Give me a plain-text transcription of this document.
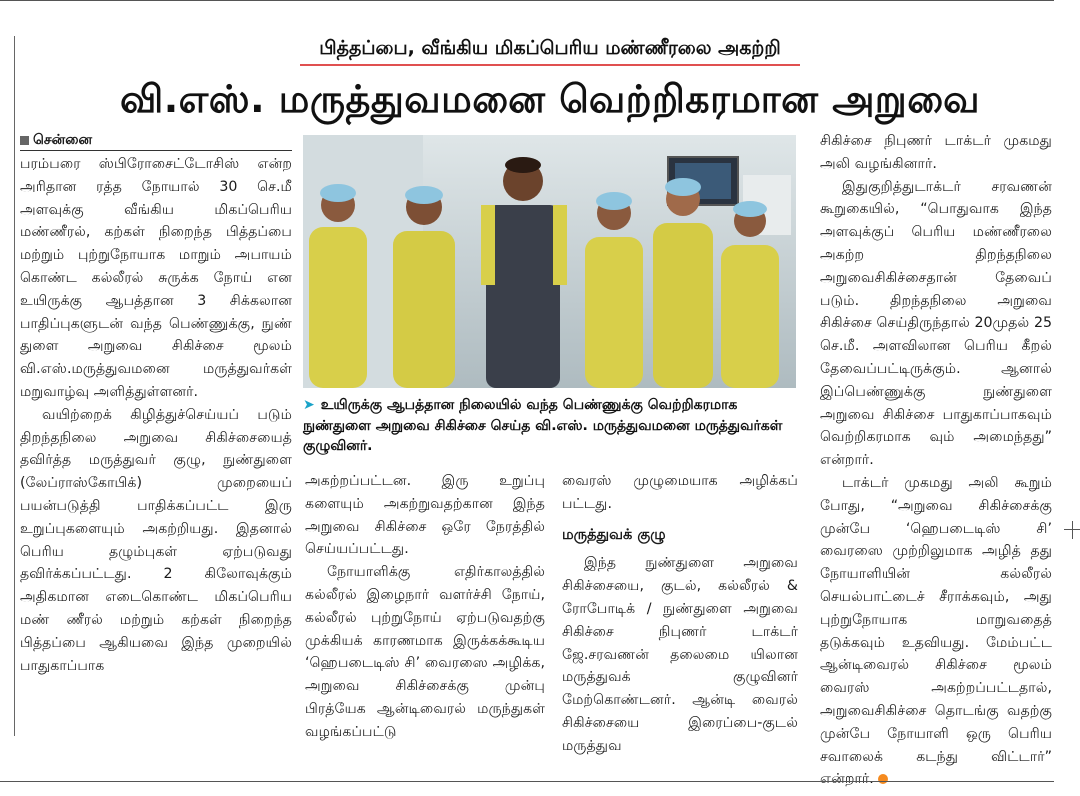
பித்தப்பை, வீங்கிய மிகப்பெரிய மண்ணீரலை அகற்றி
வி.எஸ். மருத்துவமனை வெற்றிகரமான அறுவை
சென்னை

பரம்பரை ஸ்பிரோசைட்டோசிஸ் என்ற அரிதான ரத்த நோயால் 30 செ.மீ அளவுக்கு வீங்கிய மிகப்பெரிய மண்ணீரல், கற்கள் நிறைந்த பித்தப்பை மற்றும் புற்றுநோயாக மாறும் அபாயம் கொண்ட கல்லீரல் சுருக்க நோய் என உயிருக்கு ஆபத்தான 3 சிக்கலான பாதிப்புகளுடன் வந்த பெண்ணுக்கு, நுண் துளை அறுவை சிகிச்சை மூலம் வி.எஸ்.மருத்துவமனை மருத்துவர்கள் மறுவாழ்வு அளித்துள்ளனர்.

வயிற்றைக் கிழித்துச்செய்யப் படும் திறந்தநிலை அறுவை சிகிச்சையைத் தவிர்த்த மருத்துவர் குழு, நுண்துளை (லேப்ராஸ்கோபிக்) முறையைப் பயன்படுத்தி பாதிக்கப்பட்ட இரு உறுப்புகளையும் அகற்றியது. இதனால் பெரிய தழும்புகள் ஏற்படுவது தவிர்க்கப்பட்டது. 2 கிலோவுக்கும் அதிகமான எடைகொண்ட மிகப்பெரிய மண் ணீரல் மற்றும் கற்கள் நிறைந்த பித்தப்பை ஆகியவை இந்த முறையில் பாதுகாப்பாக

➤ உயிருக்கு ஆபத்தான நிலையில் வந்த பெண்ணுக்கு வெற்றிகரமாக நுண்துளை அறுவை சிகிச்சை செய்த வி.எஸ். மருத்துவமனை மருத்துவர்கள் குழுவினர்.

அகற்றப்பட்டன. இரு உறுப்பு களையும் அகற்றுவதற்கான இந்த அறுவை சிகிச்சை ஒரே நேரத்தில் செய்யப்பட்டது.

நோயாளிக்கு எதிர்காலத்தில் கல்லீரல் இழைநார் வளர்ச்சி நோய், கல்லீரல் புற்றுநோய் ஏற்படுவதற்கு முக்கியக் காரணமாக இருக்கக்கூடிய ‘ஹெபடைடிஸ் சி’ வைரஸை அழிக்க, அறுவை சிகிச்சைக்கு முன்பு பிரத்யேக ஆன்டிவைரல் மருந்துகள் வழங்கப்பட்டு

வைரஸ் முழுமையாக அழிக்கப் பட்டது.

மருத்துவக் குழு

இந்த நுண்துளை அறுவை சிகிச்சையை, குடல், கல்லீரல் & ரோபோடிக் / நுண்துளை அறுவை சிகிச்சை நிபுணர் டாக்டர் ஜே.சரவணன் தலைமை யிலான மருத்துவக் குழுவினர் மேற்கொண்டனர். ஆன்டி வைரல் சிகிச்சையை இரைப்பை-குடல் மருத்துவ

சிகிச்சை நிபுணர் டாக்டர் முகமது அலி வழங்கினார்.

இதுகுறித்துடாக்டர் சரவணன் கூறுகையில், “பொதுவாக இந்த அளவுக்குப் பெரிய மண்ணீரலை அகற்ற திறந்தநிலை அறுவைசிகிச்சைதான் தேவைப் படும். திறந்தநிலை அறுவை சிகிச்சை செய்திருந்தால் 20முதல் 25 செ.மீ. அளவிலான பெரிய கீறல் தேவைப்பட்டிருக்கும். ஆனால் இப்பெண்ணுக்கு நுண்துளை அறுவை சிகிச்சை பாதுகாப்பாகவும் வெற்றிகரமாக வும் அமைந்தது” என்றார்.

டாக்டர் முகமது அலி கூறும் போது, “அறுவை சிகிச்சைக்கு முன்பே ‘ஹெபடைடிஸ் சி’ வைரஸை முற்றிலுமாக அழித் தது நோயாளியின் கல்லீரல் செயல்பாட்டைச் சீராக்கவும், அது புற்றுநோயாக மாறுவதைத் தடுக்கவும் உதவியது. மேம்பட்ட ஆன்டிவைரல் சிகிச்சை மூலம் வைரஸ் அகற்றப்பட்டதால், அறுவைசிகிச்சை தொடங்கு வதற்கு முன்பே நோயாளி ஒரு பெரிய சவாலைக் கடந்து விட்டார்” என்றார்.
